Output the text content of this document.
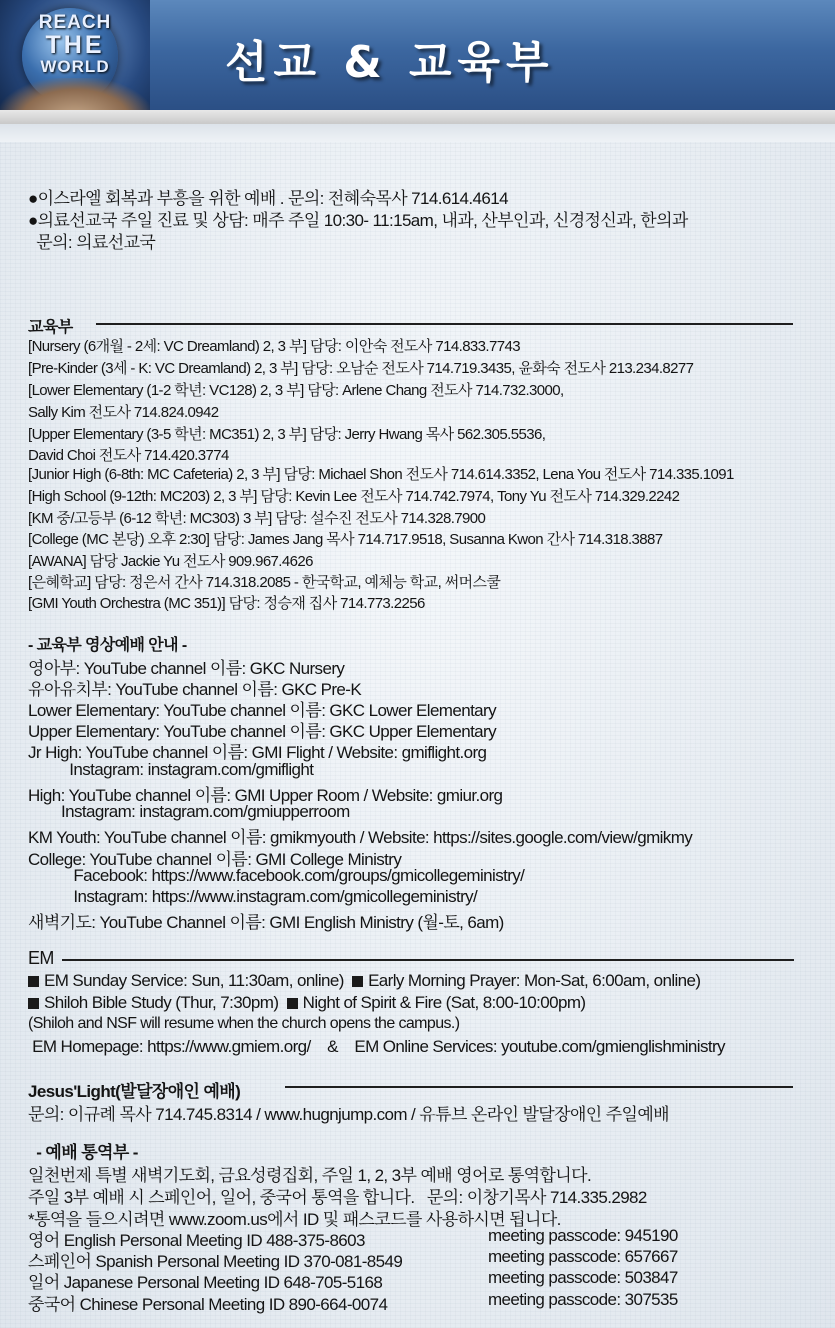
REACH
THE
WORLD	선교 & 교육부
●이스라엘 회복과 부흥을 위한 예배 . 문의: 전혜숙목사 714.614.4614
●의료선교국 주일 진료 및 상담: 매주 주일 10:30- 11:15am, 내과, 산부인과, 신경정신과, 한의과
문의: 의료선교국
교육부
[Nursery (6개월 - 2세: VC Dreamland) 2, 3 부] 담당: 이안숙 전도사 714.833.7743
[Pre-Kinder (3세 - K: VC Dreamland) 2, 3 부] 담당: 오남순 전도사 714.719.3435, 윤화숙 전도사 213.234.8277
[Lower Elementary (1-2 학년: VC128) 2, 3 부] 담당: Arlene Chang 전도사 714.732.3000,
Sally Kim 전도사 714.824.0942
[Upper Elementary (3-5 학년: MC351) 2, 3 부] 담당: Jerry Hwang 목사 562.305.5536,
David Choi 전도사 714.420.3774
[Junior High (6-8th: MC Cafeteria) 2, 3 부] 담당: Michael Shon 전도사 714.614.3352, Lena You 전도사 714.335.1091
[High School (9-12th: MC203) 2, 3 부] 담당: Kevin Lee 전도사 714.742.7974, Tony Yu 전도사 714.329.2242
[KM 중/고등부 (6-12 학년: MC303) 3 부] 담당: 설수진 전도사 714.328.7900
[College (MC 본당) 오후 2:30] 담당: James Jang 목사 714.717.9518, Susanna Kwon 간사 714.318.3887
[AWANA] 담당 Jackie Yu 전도사 909.967.4626
[은혜학교] 담당: 정은서 간사 714.318.2085 - 한국학교, 예체능 학교, 써머스쿨
[GMI Youth Orchestra (MC 351)] 담당: 정승재 집사 714.773.2256
- 교육부 영상예배 안내 -
영아부: YouTube channel 이름: GKC Nursery
유아유치부: YouTube channel 이름: GKC Pre-K
Lower Elementary: YouTube channel 이름: GKC Lower Elementary
Upper Elementary: YouTube channel 이름: GKC Upper Elementary
Jr High: YouTube channel 이름: GMI Flight / Website: gmiflight.org
Instagram: instagram.com/gmiflight
High: YouTube channel 이름: GMI Upper Room / Website: gmiur.org
Instagram: instagram.com/gmiupperroom
KM Youth: YouTube channel 이름: gmikmyouth / Website: https://sites.google.com/view/gmikmy
College: YouTube channel 이름: GMI College Ministry
Facebook: https://www.facebook.com/groups/gmicollegeministry/
Instagram: https://www.instagram.com/gmicollegeministry/
새벽기도: YouTube Channel 이름: GMI English Ministry (월-토, 6am)
EM
EM Sunday Service: Sun, 11:30am, online) Early Morning Prayer: Mon-Sat, 6:00am, online)
Shiloh Bible Study (Thur, 7:30pm) Night of Spirit & Fire (Sat, 8:00-10:00pm)
(Shiloh and NSF will resume when the church opens the campus.)
EM Homepage: https://www.gmiem.org/    &    EM Online Services: youtube.com/gmienglishministry
Jesus'Light(발달장애인 예배)
문의: 이규례 목사 714.745.8314 / www.hugnjump.com / 유튜브 온라인 발달장애인 주일예배
- 예배 통역부 -
일천번제 특별 새벽기도회, 금요성령집회, 주일 1, 2, 3부 예배 영어로 통역합니다.
주일 3부 예배 시 스페인어, 일어, 중국어 통역을 합니다.   문의: 이창기목사 714.335.2982
*통역을 들으시려면 www.zoom.us에서 ID 및 패스코드를 사용하시면 됩니다.
영어 English Personal Meeting ID 488-375-8603	meeting passcode: 945190
스페인어 Spanish Personal Meeting ID 370-081-8549	meeting passcode: 657667
일어 Japanese Personal Meeting ID 648-705-5168	meeting passcode: 503847
중국어 Chinese Personal Meeting ID 890-664-0074	meeting passcode: 307535
